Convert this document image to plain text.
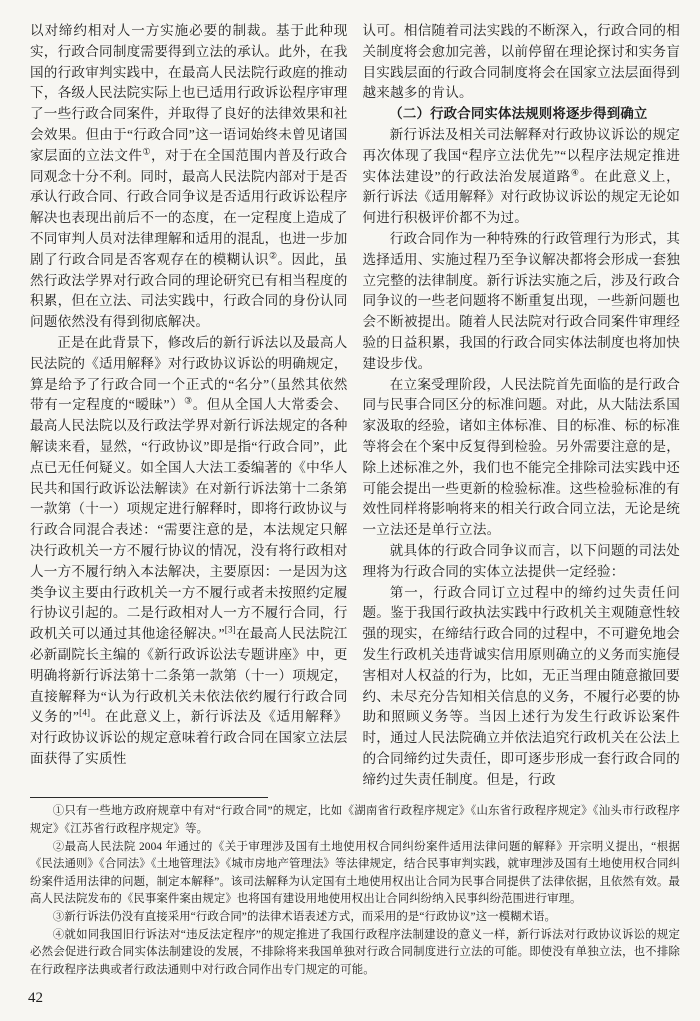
以对缔约相对人一方实施必要的制裁。基于此种现实，行政合同制度需要得到立法的承认。此外，在我国的行政审判实践中，在最高人民法院行政庭的推动下，各级人民法院实际上也已适用行政诉讼程序审理了一些行政合同案件，并取得了良好的法律效果和社会效果。但由于“行政合同”这一语词始终未曾见诸国家层面的立法文件①，对于在全国范围内普及行政合同观念十分不利。同时，最高人民法院内部对于是否承认行政合同、行政合同争议是否适用行政诉讼程序解决也表现出前后不一的态度，在一定程度上造成了不同审判人员对法律理解和适用的混乱，也进一步加剧了行政合同是否客观存在的模糊认识②。因此，虽然行政法学界对行政合同的理论研究已有相当程度的积累，但在立法、司法实践中，行政合同的身份认同问题依然没有得到彻底解决。

正是在此背景下，修改后的新行诉法以及最高人民法院的《适用解释》对行政协议诉讼的明确规定，算是给予了行政合同一个正式的“名分”（虽然其依然带有一定程度的“暧昧”）③。但从全国人大常委会、最高人民法院以及行政法学界对新行诉法规定的各种解读来看，显然，“行政协议”即是指“行政合同”，此点已无任何疑义。如全国人大法工委编著的《中华人民共和国行政诉讼法解读》在对新行诉法第十二条第一款第（十一）项规定进行解释时，即将行政协议与行政合同混合表述：“需要注意的是，本法规定只解决行政机关一方不履行协议的情况，没有将行政相对人一方不履行纳入本法解决，主要原因：一是因为这类争议主要由行政机关一方不履行或者未按照约定履行协议引起的。二是行政相对人一方不履行合同，行政机关可以通过其他途径解决。”[3]在最高人民法院江必新副院长主编的《新行政诉讼法专题讲座》中，更明确将新行诉法第十二条第一款第（十一）项规定，直接解释为“认为行政机关未依法依约履行行政合同义务的”[4]。在此意义上，新行诉法及《适用解释》对行政协议诉讼的规定意味着行政合同在国家立法层面获得了实质性

认可。相信随着司法实践的不断深入，行政合同的相关制度将会愈加完善，以前停留在理论探讨和实务盲目实践层面的行政合同制度将会在国家立法层面得到越来越多的肯认。

（二）行政合同实体法规则将逐步得到确立

新行诉法及相关司法解释对行政协议诉讼的规定再次体现了我国“程序立法优先”“以程序法规定推进实体法建设”的行政法治发展道路④。在此意义上，新行诉法《适用解释》对行政协议诉讼的规定无论如何进行积极评价都不为过。

行政合同作为一种特殊的行政管理行为形式，其选择适用、实施过程乃至争议解决都将会形成一套独立完整的法律制度。新行诉法实施之后，涉及行政合同争议的一些老问题将不断重复出现，一些新问题也会不断被提出。随着人民法院对行政合同案件审理经验的日益积累，我国的行政合同实体法制度也将加快建设步伐。

在立案受理阶段，人民法院首先面临的是行政合同与民事合同区分的标准问题。对此，从大陆法系国家汲取的经验，诸如主体标准、目的标准、标的标准等将会在个案中反复得到检验。另外需要注意的是，除上述标准之外，我们也不能完全排除司法实践中还可能会提出一些更新的检验标准。这些检验标准的有效性同样将影响将来的相关行政合同立法，无论是统一立法还是单行立法。

就具体的行政合同争议而言，以下问题的司法处理将为行政合同的实体立法提供一定经验：

第一，行政合同订立过程中的缔约过失责任问题。鉴于我国行政执法实践中行政机关主观随意性较强的现实，在缔结行政合同的过程中，不可避免地会发生行政机关违背诚实信用原则确立的义务而实施侵害相对人权益的行为，比如，无正当理由随意撤回要约、未尽充分告知相关信息的义务，不履行必要的协助和照顾义务等。当因上述行为发生行政诉讼案件时，通过人民法院确立并依法追究行政机关在公法上的合同缔约过失责任，即可逐步形成一套行政合同的缔约过失责任制度。但是，行政

①只有一些地方政府规章中有对“行政合同”的规定，比如《湖南省行政程序规定》《山东省行政程序规定》《汕头市行政程序规定》《江苏省行政程序规定》等。

②最高人民法院 2004 年通过的《关于审理涉及国有土地使用权合同纠纷案件适用法律问题的解释》开宗明义提出，“根据《民法通则》《合同法》《土地管理法》《城市房地产管理法》等法律规定，结合民事审判实践，就审理涉及国有土地使用权合同纠纷案件适用法律的问题，制定本解释”。该司法解释为认定国有土地使用权出让合同为民事合同提供了法律依据，且依然有效。最高人民法院发布的《民事案件案由规定》也将国有建设用地使用权出让合同纠纷纳入民事纠纷范围进行审理。

③新行诉法仍没有直接采用“行政合同”的法律术语表述方式，而采用的是“行政协议”这一模糊术语。

④就如同我国旧行诉法对“违反法定程序”的规定推进了我国行政程序法制建设的意义一样，新行诉法对行政协议诉讼的规定必然会促进行政合同实体法制建设的发展，不排除将来我国单独对行政合同制度进行立法的可能。即使没有单独立法，也不排除在行政程序法典或者行政法通则中对行政合同作出专门规定的可能。

42
